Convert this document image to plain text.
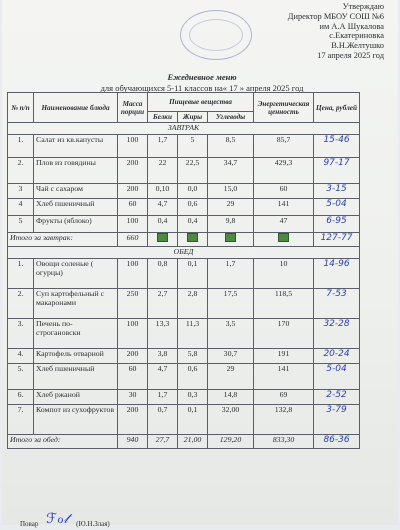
Утверждаю
Директор МБОУ СОШ №6
им А.А Шукалова
с.Екатериновка
В.Н.Желтушко
17 апреля 2025 год
Ежедневное меню
для обучающихся 5-11 классов на« 17 » апреля 2025 год
№ п/п	Наименование блюда	Масса порции	Пищевые вещества			Энергетическая ценность	Цена, рублей
			Белки	Жиры	Углеводы		
ЗАВТРАК							
1.	Салат из кв.капусты	100	1,7	5	8,5	85,7	15-46
2.	Плов из говядины	200	22	22,5	34,7	429,3	97-17
3	Чай с сахаром	200	0,10	0,0	15,0	60	3-15
4	Хлеб пшеничный	60	4,7	0,6	29	141	5-04
5	Фрукты (яблоко)	100	0,4	0,4	9,8	47	6-95
Итого за завтрак:		660					127-77
ОБЕД							
1.	Овощи соленые ( огурцы)	100	0,8	0,1	1,7	10	14-96
2.	Суп картофельный с макаронами	250	2,7	2,8	17,5	118,5	7-53
3.	Печень по-строгановски	100	13,3	11,3	3,5	170	32-28
4.	Картофель отварной	200	3,8	5,8	30,7	191	20-24
5.	Хлеб пшеничный	60	4,7	0,6	29	141	5-04
6.	Хлеб ржаной	30	1,7	0,3	14,8	69	2-52
7.	Компот из сухофруктов	200	0,7	0,1	32,00	132,8	3-79
Итого за обед:		940	27,7	21,00	129,20	833,30	86-36
Повар ℱℴ𝓉 (Ю.Н.Злая)
